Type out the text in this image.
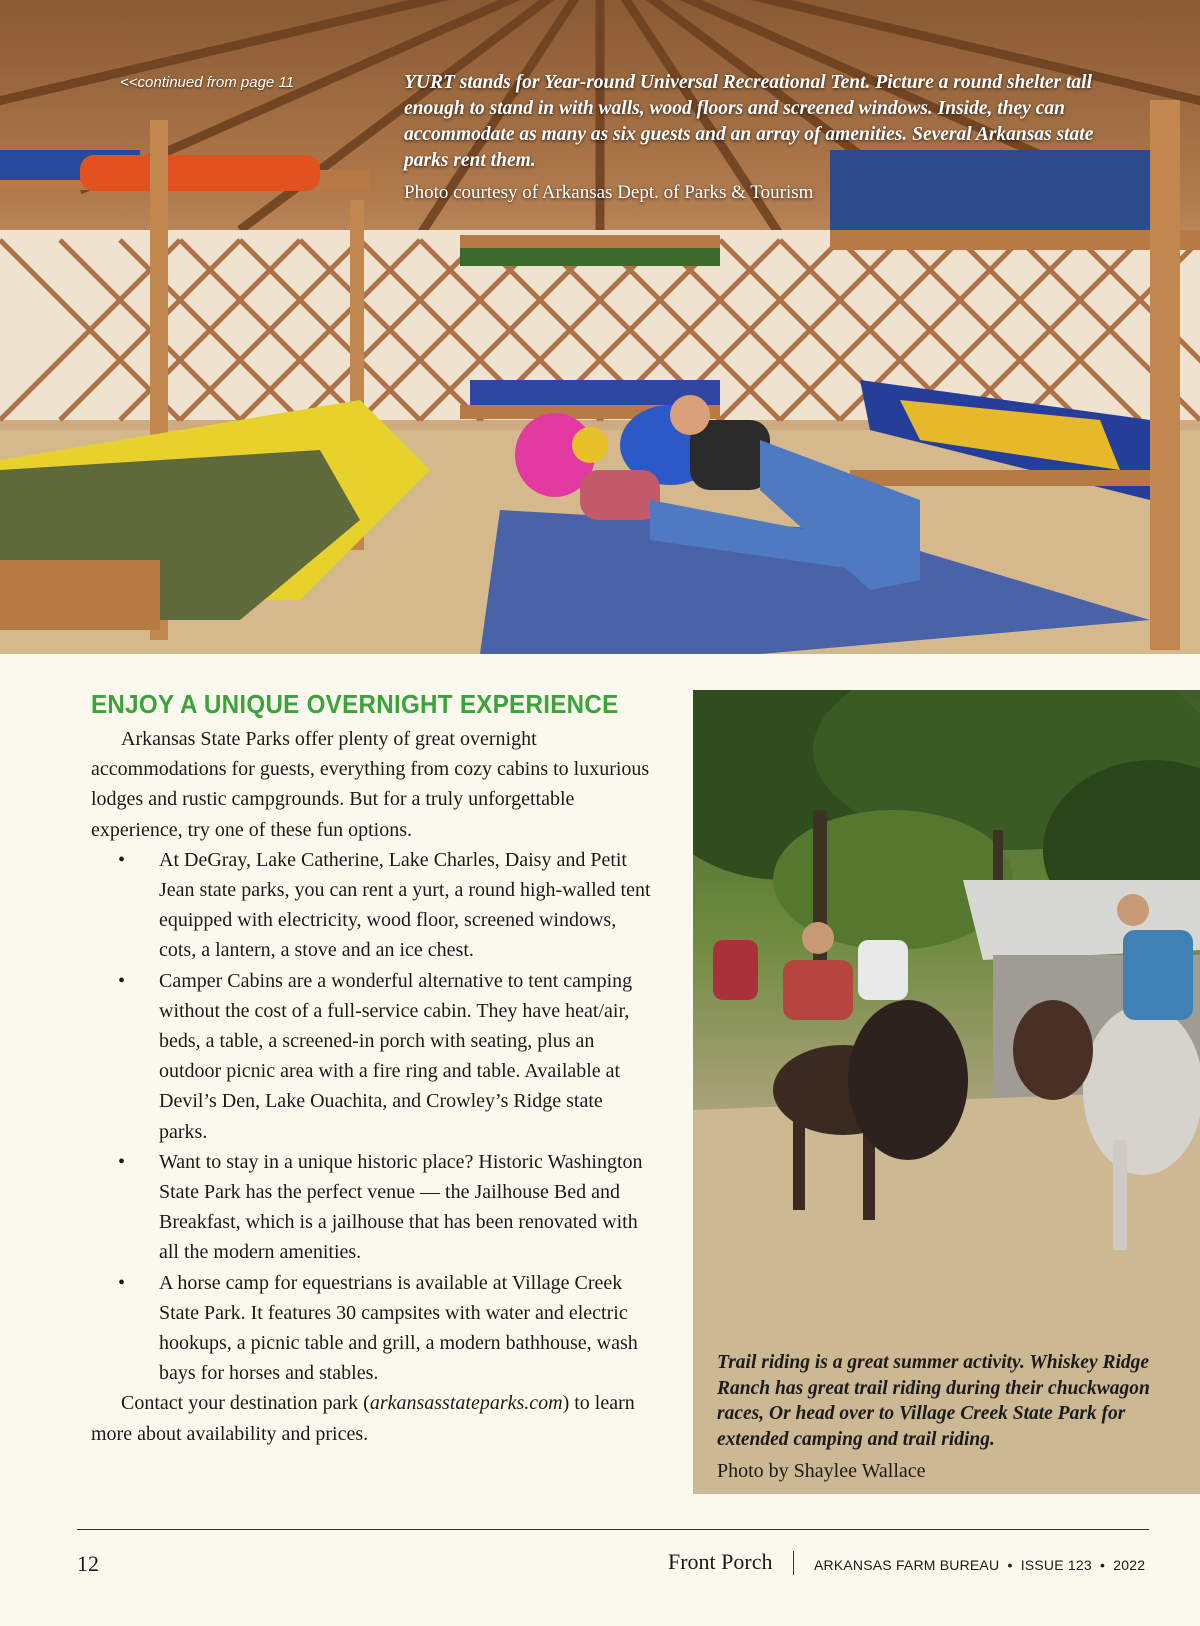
<<continued from page 11	YURT stands for Year-round Universal Recreational Tent. Picture a round shelter tall enough to stand in with walls, wood floors and screened windows. Inside, they can accommodate as many as six guests and an array of amenities. Several Arkansas state parks rent them.
Photo courtesy of Arkansas Dept. of Parks & Tourism
ENJOY A UNIQUE OVERNIGHT EXPERIENCE

Arkansas State Parks offer plenty of great overnight accommodations for guests, everything from cozy cabins to luxurious lodges and rustic campgrounds. But for a truly unforgettable experience, try one of these fun options.

• At DeGray, Lake Catherine, Lake Charles, Daisy and Petit Jean state parks, you can rent a yurt, a round high-walled tent equipped with electricity, wood floor, screened windows, cots, a lantern, a stove and an ice chest.
• Camper Cabins are a wonderful alternative to tent camping without the cost of a full-service cabin. They have heat/air, beds, a table, a screened-in porch with seating, plus an outdoor picnic area with a fire ring and table. Available at Devil’s Den, Lake Ouachita, and Crowley’s Ridge state parks.
• Want to stay in a unique historic place? Historic Washington State Park has the perfect venue — the Jailhouse Bed and Breakfast, which is a jailhouse that has been renovated with all the modern amenities.
• A horse camp for equestrians is available at Village Creek State Park. It features 30 campsites with water and electric hookups, a picnic table and grill, a modern bathhouse, wash bays for horses and stables.

Contact your destination park (arkansasstateparks.com) to learn more about availability and prices.

Trail riding is a great summer activity. Whiskey Ridge Ranch has great trail riding during their chuckwagon races, Or head over to Village Creek State Park for extended camping and trail riding.
Photo by Shaylee Wallace
12	Front Porch	ARKANSAS FARM BUREAU • ISSUE 123 • 2022
